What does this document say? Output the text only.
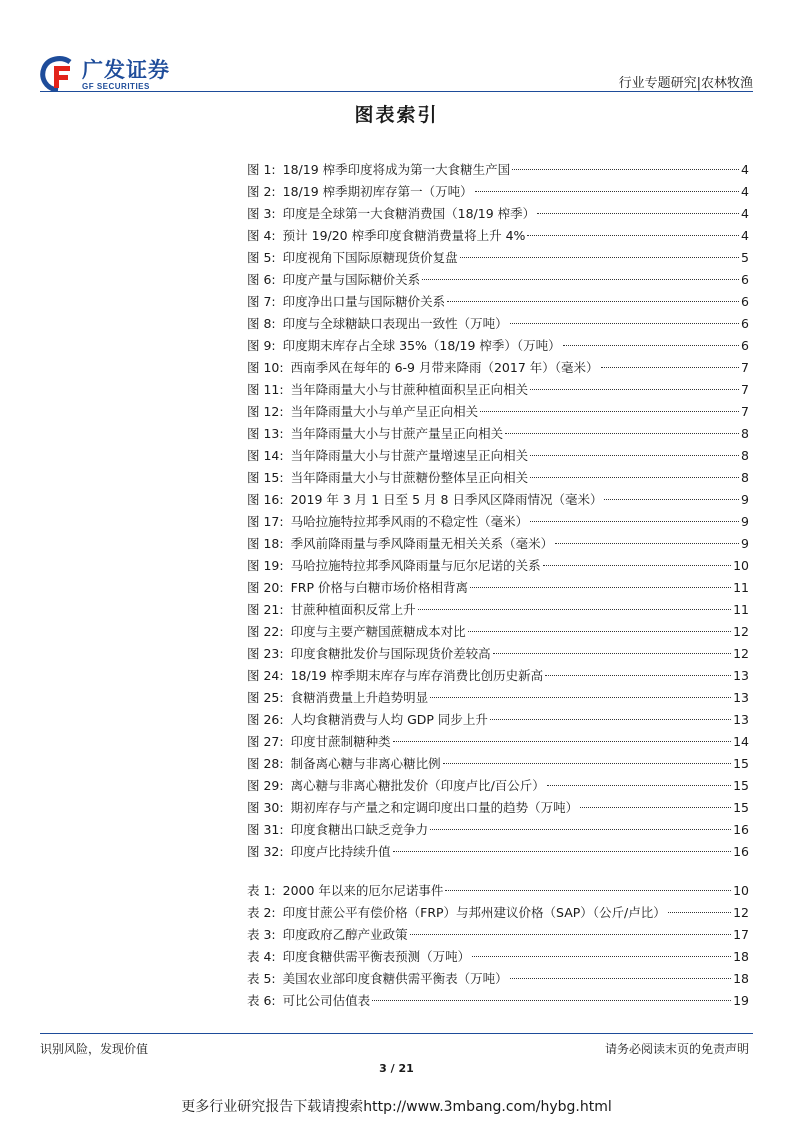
广发证券
GF SECURITIES	行业专题研究|农林牧渔
图表索引
图 1: 18/19 榨季印度将成为第一大食糖生产国	4
图 2: 18/19 榨季期初库存第一（万吨）	4
图 3: 印度是全球第一大食糖消费国（18/19 榨季）	4
图 4: 预计 19/20 榨季印度食糖消费量将上升 4%	4
图 5: 印度视角下国际原糖现货价复盘	5
图 6: 印度产量与国际糖价关系	6
图 7: 印度净出口量与国际糖价关系	6
图 8: 印度与全球糖缺口表现出一致性（万吨）	6
图 9: 印度期末库存占全球 35%（18/19 榨季）（万吨）	6
图 10: 西南季风在每年的 6-9 月带来降雨（2017 年）（毫米）	7
图 11: 当年降雨量大小与甘蔗种植面积呈正向相关	7
图 12: 当年降雨量大小与单产呈正向相关	7
图 13: 当年降雨量大小与甘蔗产量呈正向相关	8
图 14: 当年降雨量大小与甘蔗产量增速呈正向相关	8
图 15: 当年降雨量大小与甘蔗糖份整体呈正向相关	8
图 16: 2019 年 3 月 1 日至 5 月 8 日季风区降雨情况（毫米）	9
图 17: 马哈拉施特拉邦季风雨的不稳定性（毫米）	9
图 18: 季风前降雨量与季风降雨量无相关关系（毫米）	9
图 19: 马哈拉施特拉邦季风降雨量与厄尔尼诺的关系	10
图 20: FRP 价格与白糖市场价格相背离	11
图 21: 甘蔗种植面积反常上升	11
图 22: 印度与主要产糖国蔗糖成本对比	12
图 23: 印度食糖批发价与国际现货价差较高	12
图 24: 18/19 榨季期末库存与库存消费比创历史新高	13
图 25: 食糖消费量上升趋势明显	13
图 26: 人均食糖消费与人均 GDP 同步上升	13
图 27: 印度甘蔗制糖种类	14
图 28: 制备离心糖与非离心糖比例	15
图 29: 离心糖与非离心糖批发价（印度卢比/百公斤）	15
图 30: 期初库存与产量之和定调印度出口量的趋势（万吨）	15
图 31: 印度食糖出口缺乏竞争力	16
图 32: 印度卢比持续升值	16
表 1: 2000 年以来的厄尔尼诺事件	10
表 2: 印度甘蔗公平有偿价格（FRP）与邦州建议价格（SAP）（公斤/卢比）	12
表 3: 印度政府乙醇产业政策	17
表 4: 印度食糖供需平衡表预测（万吨）	18
表 5: 美国农业部印度食糖供需平衡表（万吨）	18
表 6: 可比公司估值表	19
识别风险，发现价值	请务必阅读末页的免责声明
3 / 21
更多行业研究报告下载请搜索http://www.3mbang.com/hybg.html
